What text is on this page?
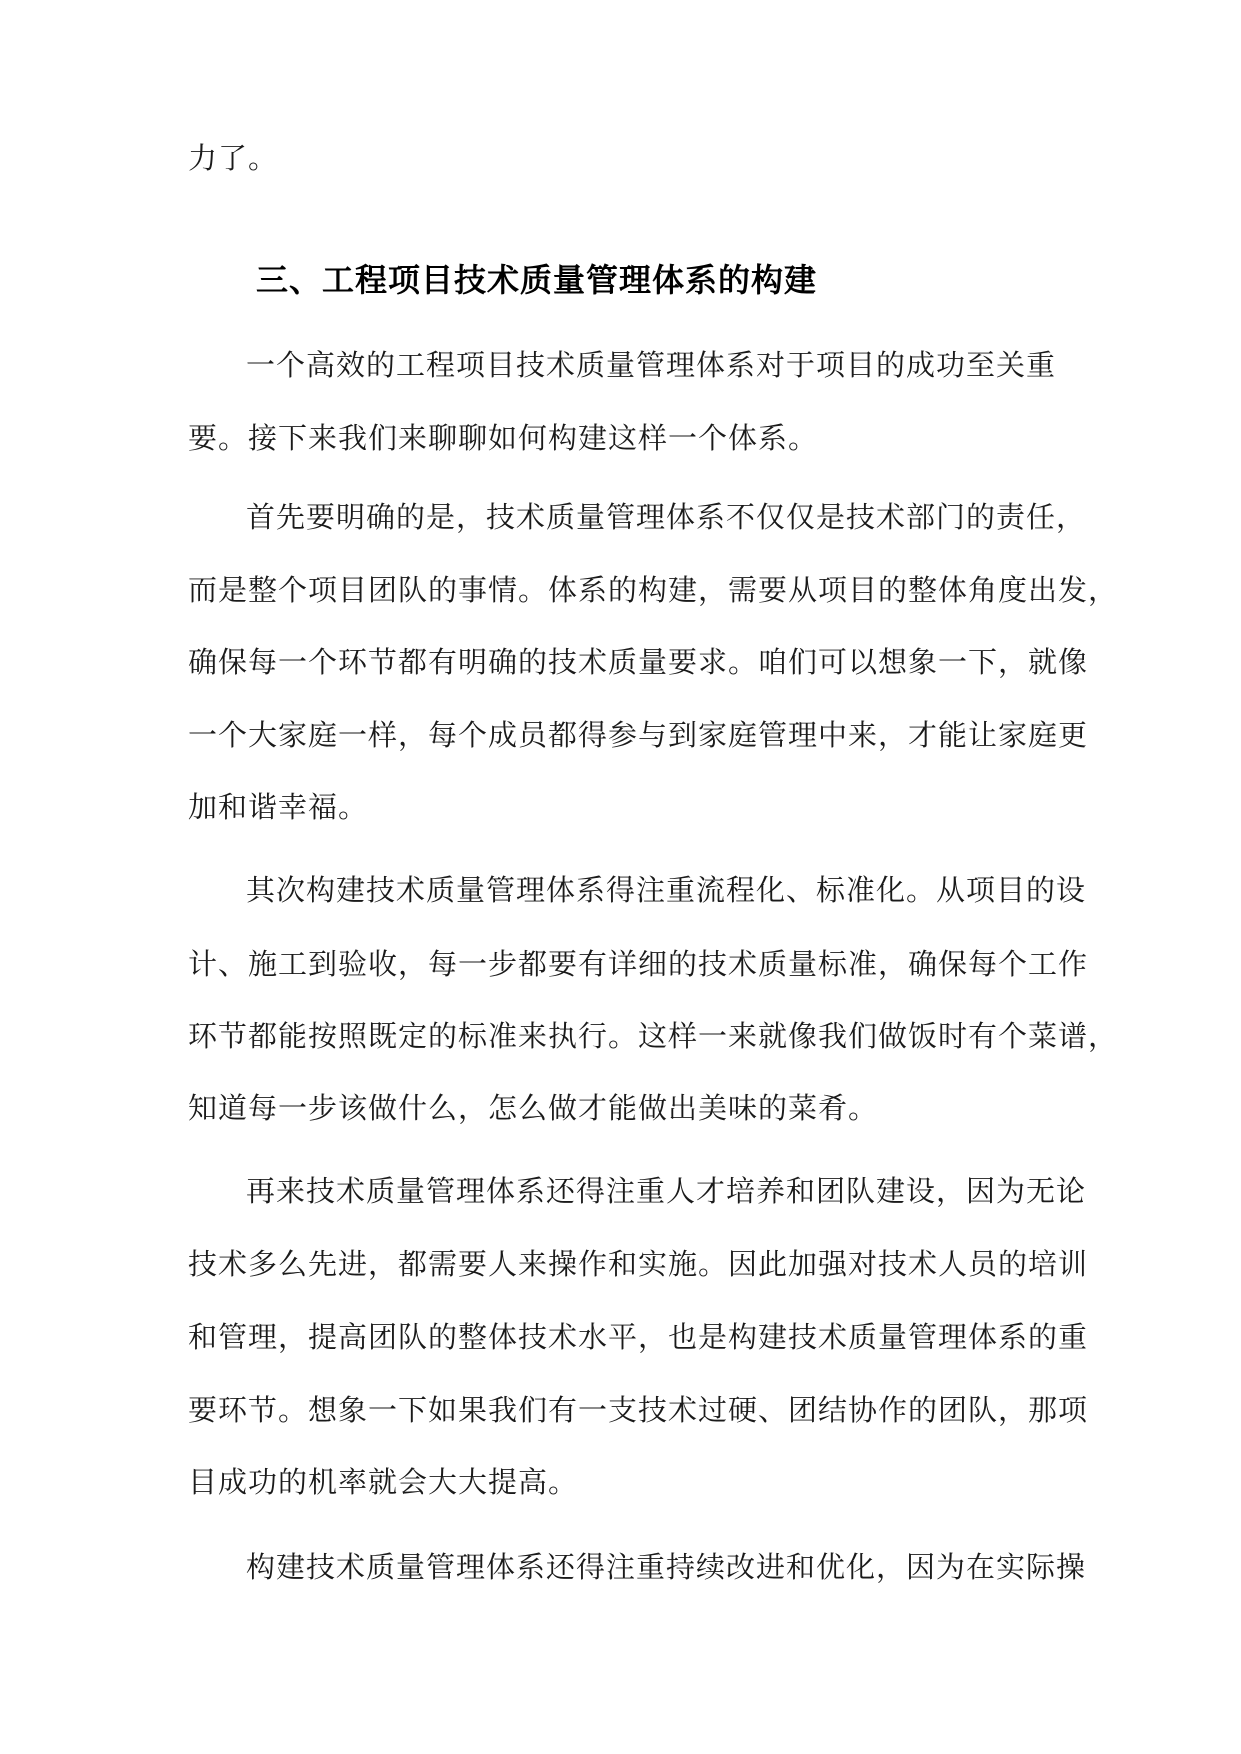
力了。
三、工程项目技术质量管理体系的构建
一个高效的工程项目技术质量管理体系对于项目的成功至关重
要。接下来我们来聊聊如何构建这样一个体系。
首先要明确的是，技术质量管理体系不仅仅是技术部门的责任，
而是整个项目团队的事情。体系的构建，需要从项目的整体角度出发，
确保每一个环节都有明确的技术质量要求。咱们可以想象一下，就像
一个大家庭一样，每个成员都得参与到家庭管理中来，才能让家庭更
加和谐幸福。
其次构建技术质量管理体系得注重流程化、标准化。从项目的设
计、施工到验收，每一步都要有详细的技术质量标准，确保每个工作
环节都能按照既定的标准来执行。这样一来就像我们做饭时有个菜谱，
知道每一步该做什么，怎么做才能做出美味的菜肴。
再来技术质量管理体系还得注重人才培养和团队建设，因为无论
技术多么先进，都需要人来操作和实施。因此加强对技术人员的培训
和管理，提高团队的整体技术水平，也是构建技术质量管理体系的重
要环节。想象一下如果我们有一支技术过硬、团结协作的团队，那项
目成功的机率就会大大提高。
构建技术质量管理体系还得注重持续改进和优化，因为在实际操
